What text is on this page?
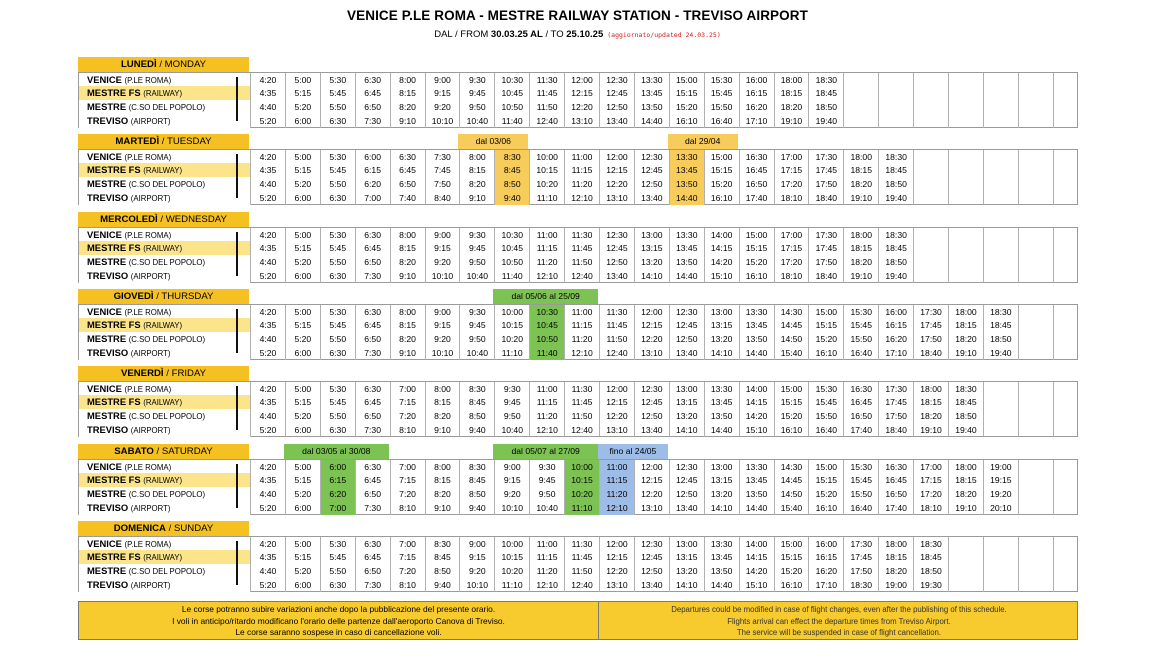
VENICE P.LE ROMA - MESTRE RAILWAY STATION - TREVISO AIRPORT
DAL / FROM 30.03.25 AL / TO 25.10.25 (aggiornato/updated 24.03.25)
LUNEDÌ / MONDAY
VENICE (P.LE ROMA)	4:20	5:00	5:30	6:30	8:00	9:00	9:30	10:30	11:30	12:00	12:30	13:30	15:00	15:30	16:00	18:00	18:30
MESTRE FS (RAILWAY)	4:35	5:15	5:45	6:45	8:15	9:15	9:45	10:45	11:45	12:15	12:45	13:45	15:15	15:45	16:15	18:15	18:45
MESTRE (C.SO DEL POPOLO)	4:40	5:20	5:50	6:50	8:20	9:20	9:50	10:50	11:50	12:20	12:50	13:50	15:20	15:50	16:20	18:20	18:50
TREVISO (AIRPORT)	5:20	6:00	6:30	7:30	9:10	10:10	10:40	11:40	12:40	13:10	13:40	14:40	16:10	16:40	17:10	19:10	19:40
MARTEDÌ / TUESDAY	dal 03/06	dal 29/04
VENICE (P.LE ROMA)	4:20	5:00	5:30	6:00	6:30	7:30	8:00	8:30	10:00	11:00	12:00	12:30	13:30	15:00	16:30	17:00	17:30	18:00	18:30
MESTRE FS (RAILWAY)	4:35	5:15	5:45	6:15	6:45	7:45	8:15	8:45	10:15	11:15	12:15	12:45	13:45	15:15	16:45	17:15	17:45	18:15	18:45
MESTRE (C.SO DEL POPOLO)	4:40	5:20	5:50	6:20	6:50	7:50	8:20	8:50	10:20	11:20	12:20	12:50	13:50	15:20	16:50	17:20	17:50	18:20	18:50
TREVISO (AIRPORT)	5:20	6:00	6:30	7:00	7:40	8:40	9:10	9:40	11:10	12:10	13:10	13:40	14:40	16:10	17:40	18:10	18:40	19:10	19:40
MERCOLEDÌ / WEDNESDAY
VENICE (P.LE ROMA)	4:20	5:00	5:30	6:30	8:00	9:00	9:30	10:30	11:00	11:30	12:30	13:00	13:30	14:00	15:00	17:00	17:30	18:00	18:30
MESTRE FS (RAILWAY)	4:35	5:15	5:45	6:45	8:15	9:15	9:45	10:45	11:15	11:45	12:45	13:15	13:45	14:15	15:15	17:15	17:45	18:15	18:45
MESTRE (C.SO DEL POPOLO)	4:40	5:20	5:50	6:50	8:20	9:20	9:50	10:50	11:20	11:50	12:50	13:20	13:50	14:20	15:20	17:20	17:50	18:20	18:50
TREVISO (AIRPORT)	5:20	6:00	6:30	7:30	9:10	10:10	10:40	11:40	12:10	12:40	13:40	14:10	14:40	15:10	16:10	18:10	18:40	19:10	19:40
GIOVEDÌ / THURSDAY	dal 05/06 al 25/09
VENICE (P.LE ROMA)	4:20	5:00	5:30	6:30	8:00	9:00	9:30	10:00	10:30	11:00	11:30	12:00	12:30	13:00	13:30	14:30	15:00	15:30	16:00	17:30	18:00	18:30
MESTRE FS (RAILWAY)	4:35	5:15	5:45	6:45	8:15	9:15	9:45	10:15	10:45	11:15	11:45	12:15	12:45	13:15	13:45	14:45	15:15	15:45	16:15	17:45	18:15	18:45
MESTRE (C.SO DEL POPOLO)	4:40	5:20	5:50	6:50	8:20	9:20	9:50	10:20	10:50	11:20	11:50	12:20	12:50	13:20	13:50	14:50	15:20	15:50	16:20	17:50	18:20	18:50
TREVISO (AIRPORT)	5:20	6:00	6:30	7:30	9:10	10:10	10:40	11:10	11:40	12:10	12:40	13:10	13:40	14:10	14:40	15:40	16:10	16:40	17:10	18:40	19:10	19:40
VENERDÌ / FRIDAY
VENICE (P.LE ROMA)	4:20	5:00	5:30	6:30	7:00	8:00	8:30	9:30	11:00	11:30	12:00	12:30	13:00	13:30	14:00	15:00	15:30	16:30	17:30	18:00	18:30
MESTRE FS (RAILWAY)	4:35	5:15	5:45	6:45	7:15	8:15	8:45	9:45	11:15	11:45	12:15	12:45	13:15	13:45	14:15	15:15	15:45	16:45	17:45	18:15	18:45
MESTRE (C.SO DEL POPOLO)	4:40	5:20	5:50	6:50	7:20	8:20	8:50	9:50	11:20	11:50	12:20	12:50	13:20	13:50	14:20	15:20	15:50	16:50	17:50	18:20	18:50
TREVISO (AIRPORT)	5:20	6:00	6:30	7:30	8:10	9:10	9:40	10:40	12:10	12:40	13:10	13:40	14:10	14:40	15:10	16:10	16:40	17:40	18:40	19:10	19:40
SABATO / SATURDAY	dal 03/05 al 30/08	dal 05/07 al 27/09	fino al 24/05
VENICE (P.LE ROMA)	4:20	5:00	6:00	6:30	7:00	8:00	8:30	9:00	9:30	10:00	11:00	12:00	12:30	13:00	13:30	14:30	15:00	15:30	16:30	17:00	18:00	19:00
MESTRE FS (RAILWAY)	4:35	5:15	6:15	6:45	7:15	8:15	8:45	9:15	9:45	10:15	11:15	12:15	12:45	13:15	13:45	14:45	15:15	15:45	16:45	17:15	18:15	19:15
MESTRE (C.SO DEL POPOLO)	4:40	5:20	6:20	6:50	7:20	8:20	8:50	9:20	9:50	10:20	11:20	12:20	12:50	13:20	13:50	14:50	15:20	15:50	16:50	17:20	18:20	19:20
TREVISO (AIRPORT)	5:20	6:00	7:00	7:30	8:10	9:10	9:40	10:10	10:40	11:10	12:10	13:10	13:40	14:10	14:40	15:40	16:10	16:40	17:40	18:10	19:10	20:10
DOMENICA / SUNDAY
VENICE (P.LE ROMA)	4:20	5:00	5:30	6:30	7:00	8:30	9:00	10:00	11:00	11:30	12:00	12:30	13:00	13:30	14:00	15:00	16:00	17:30	18:00	18:30
MESTRE FS (RAILWAY)	4:35	5:15	5:45	6:45	7:15	8:45	9:15	10:15	11:15	11:45	12:15	12:45	13:15	13:45	14:15	15:15	16:15	17:45	18:15	18:45
MESTRE (C.SO DEL POPOLO)	4:40	5:20	5:50	6:50	7:20	8:50	9:20	10:20	11:20	11:50	12:20	12:50	13:20	13:50	14:20	15:20	16:20	17:50	18:20	18:50
TREVISO (AIRPORT)	5:20	6:00	6:30	7:30	8:10	9:40	10:10	11:10	12:10	12:40	13:10	13:40	14:10	14:40	15:10	16:10	17:10	18:30	19:00	19:30
Le corse potranno subire variazioni anche dopo la pubblicazione del presente orario.
I voli in anticipo/ritardo modificano l'orario delle partenze dall'aeroporto Canova di Treviso.
Le corse saranno sospese in caso di cancellazione voli.
Departures could be modified in case of flight changes, even after the publishing of this schedule.
Flights arrival can effect the departure times from Treviso Airport.
The service will be suspended in case of flight cancellation.
